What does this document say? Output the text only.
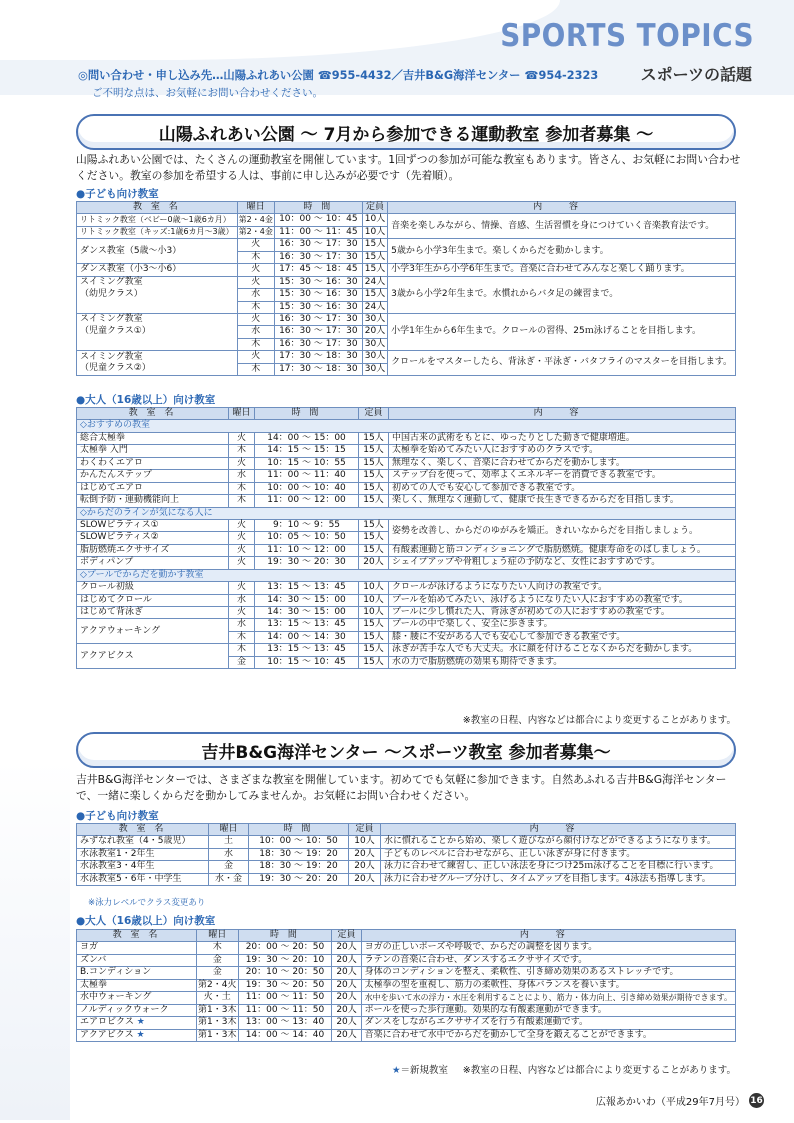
SPORTS TOPICS
スポーツの話題
◎問い合わせ・申し込み先…山陽ふれあい公園 ☎955-4432／吉井B&G海洋センター ☎954-2323
ご不明な点は、お気軽にお問い合わせください。
山陽ふれあい公園 ～ 7月から参加できる運動教室 参加者募集 ～
山陽ふれあい公園では、たくさんの運動教室を開催しています。1回ずつの参加が可能な教室もあります。皆さん、お気軽にお問い合わせください。教室の参加を希望する人は、事前に申し込みが必要です（先着順）。
●子ども向け教室
教 室 名	曜日	時 間	定員	内 容
リトミック教室（ベビー0歳～1歳6カ月）	第2・4金	10：00 ～ 10：45	10人	音楽を楽しみながら、情操、音感、生活習慣を身につけていく音楽教育法です。
リトミック教室（キッズ:1歳6カ月～3歳）	第2・4金	11：00 ～ 11：45	10人	
ダンス教室（5歳～小3）	火	16：30 ～ 17：30	15人	5歳から小学3年生まで。楽しくからだを動かします。
	木	16：30 ～ 17：30	15人	
ダンス教室（小3～小6）	火	17：45 ～ 18：45	15人	小学3年生から小学6年生まで。音楽に合わせてみんなと楽しく踊ります。
スイミング教室	火	15：30 ～ 16：30	24人	3歳から小学2年生まで。水慣れからバタ足の練習まで。
（幼児クラス）	水	15：30 ～ 16：30	15人	
	木	15：30 ～ 16：30	24人	
スイミング教室	火	16：30 ～ 17：30	30人	小学1年生から6年生まで。クロールの習得、25ｍ泳げることを目指します。
（児童クラス①）	水	16：30 ～ 17：30	20人	
	木	16：30 ～ 17：30	30人	
スイミング教室	火	17：30 ～ 18：30	30人	クロールをマスターしたら、背泳ぎ・平泳ぎ・バタフライのマスターを目指します。
（児童クラス②）	木	17：30 ～ 18：30	30人	
●大人（16歳以上）向け教室
教 室 名	曜日	時 間	定員	内 容
◇おすすめの教室				
総合太極拳	火	14：00 ～ 15：00	15人	中国古来の武術をもとに、ゆったりとした動きで健康増進。
太極拳 入門	木	14：15 ～ 15：15	15人	太極拳を始めてみたい人におすすめのクラスです。
わくわくエアロ	火	10：15 ～ 10：55	15人	無理なく、楽しく、音楽に合わせてからだを動かします。
かんたんステップ	水	11：00 ～ 11：40	15人	ステップ台を使って、効率よくエネルギーを消費できる教室です。
はじめてエアロ	木	10：00 ～ 10：40	15人	初めての人でも安心して参加できる教室です。
転倒予防・運動機能向上	木	11：00 ～ 12：00	15人	楽しく、無理なく運動して、健康で長生きできるからだを目指します。
◇からだのラインが気になる人に				
SLOWピラティス①	火	9：10 ～ 9：55	15人	姿勢を改善し、からだのゆがみを矯正。きれいなからだを目指しましょう。
SLOWピラティス②	火	10：05 ～ 10：50	15人	
脂肪燃焼エクササイズ	火	11：10 ～ 12：00	15人	有酸素運動と筋コンディショニングで脂肪燃焼。健康寿命をのばしましょう。
ボディパンプ	火	19：30 ～ 20：30	20人	シェイプアップや骨粗しょう症の予防など、女性におすすめです。
◇プールでからだを動かす教室				
クロール初級	火	13：15 ～ 13：45	10人	クロールが泳げるようになりたい人向けの教室です。
はじめてクロール	水	14：30 ～ 15：00	10人	プールを始めてみたい、泳げるようになりたい人におすすめの教室です。
はじめて背泳ぎ	火	14：30 ～ 15：00	10人	プールに少し慣れた人、背泳ぎが初めての人におすすめの教室です。
アクアウォーキング	水	13：15 ～ 13：45	15人	プールの中で楽しく、安全に歩きます。
	木	14：00 ～ 14：30	15人	膝・腰に不安がある人でも安心して参加できる教室です。
アクアビクス	木	13：15 ～ 13：45	15人	泳ぎが苦手な人でも大丈夫。水に顔を付けることなくからだを動かします。
	金	10：15 ～ 10：45	15人	水の力で脂肪燃焼の効果も期待できます。
※教室の日程、内容などは都合により変更することがあります。
吉井B&G海洋センター ～スポーツ教室 参加者募集～
吉井B&G海洋センターでは、さまざまな教室を開催しています。初めてでも気軽に参加できます。自然あふれる吉井B&G海洋センターで、一緒に楽しくからだを動かしてみませんか。お気軽にお問い合わせください。
●子ども向け教室
教 室 名	曜日	時 間	定員	内 容
みずなれ教室（4・5歳児）	土	10：00 ～ 10：50	10人	水に慣れることから始め、楽しく遊びながら顔付けなどができるようになります。
水泳教室1・2年生	水	18：30 ～ 19：20	20人	子どものレベルに合わせながら、正しい泳ぎが身に付きます。
水泳教室3・4年生	金	18：30 ～ 19：20	20人	泳力に合わせて練習し、正しい泳法を身につけ25ｍ泳げることを目標に行います。
水泳教室5・6年・中学生	水・金	19：30 ～ 20：20	20人	泳力に合わせグループ分けし、タイムアップを目指します。4泳法も指導します。
※泳力レベルでクラス変更あり
●大人（16歳以上）向け教室
教 室 名	曜日	時 間	定員	内 容
ヨガ	木	20：00 ～ 20：50	20人	ヨガの正しいポーズや呼吸で、からだの調整を図ります。
ズンバ	金	19：30 ～ 20：10	20人	ラテンの音楽に合わせ、ダンスするエクササイズです。
B.コンディション	金	20：10 ～ 20：50	20人	身体のコンディションを整え、柔軟性、引き締め効果のあるストレッチです。
太極拳	第2・4火	19：30 ～ 20：50	20人	太極拳の型を重視し、筋力の柔軟性、身体バランスを養います。
水中ウォーキング	火・土	11：00 ～ 11：50	20人	水中を歩いて水の浮力・水圧を利用することにより、筋力・体力向上、引き締め効果が期待できます。
ノルディックウォーク	第1・3木	11：00 ～ 11：50	20人	ポールを使った歩行運動。効果的な有酸素運動ができます。
エアロビクス ★	第1・3木	13：00 ～ 13：40	20人	ダンスをしながらエクササイズを行う有酸素運動です。
アクアビクス ★	第1・3木	14：00 ～ 14：40	20人	音楽に合わせて水中でからだを動かして全身を鍛えることができます。
★＝新規教室 ※教室の日程、内容などは都合により変更することがあります。
広報あかいわ（平成29年7月号） 16
